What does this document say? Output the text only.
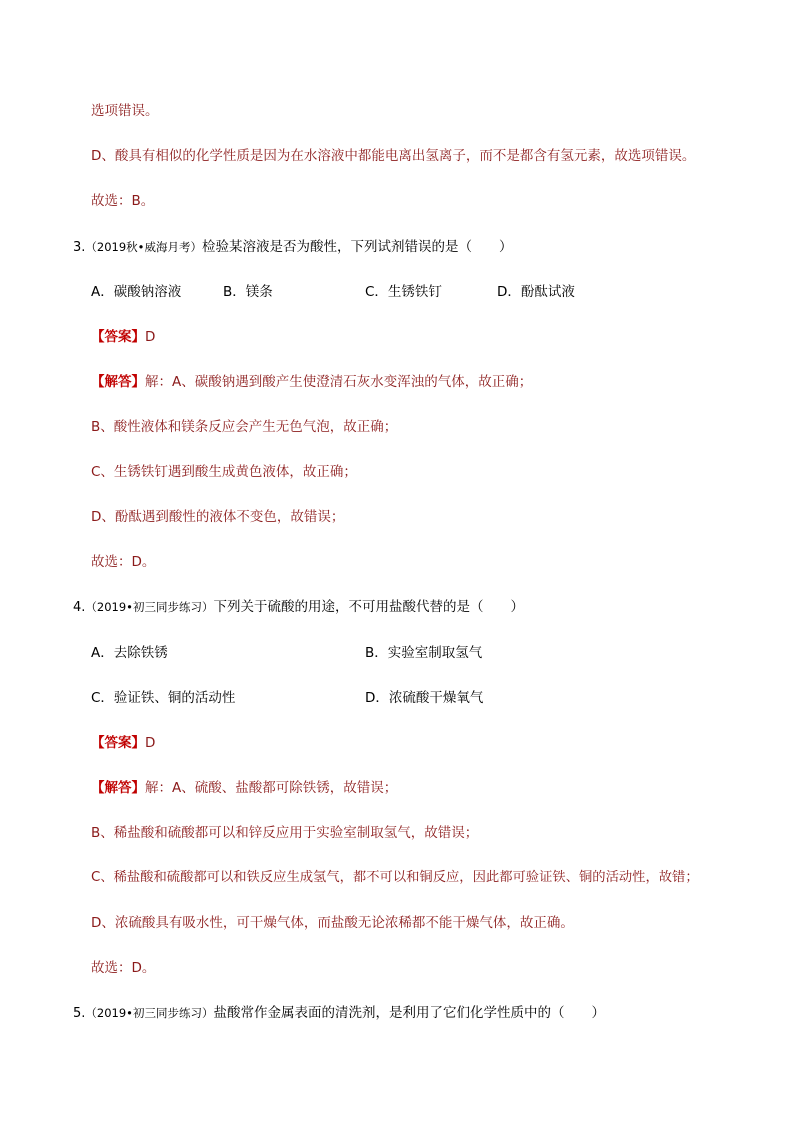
选项错误。
D、酸具有相似的化学性质是因为在水溶液中都能电离出氢离子，而不是都含有氢元素，故选项错误。
故选：B。
3.（2019秋•威海月考）检验某溶液是否为酸性，下列试剂错误的是（　　）
A．碳酸钠溶液	B．镁条	C．生锈铁钉	D．酚酞试液
【答案】D
【解答】解：A、碳酸钠遇到酸产生使澄清石灰水变浑浊的气体，故正确；
B、酸性液体和镁条反应会产生无色气泡，故正确；
C、生锈铁钉遇到酸生成黄色液体，故正确；
D、酚酞遇到酸性的液体不变色，故错误；
故选：D。
4.（2019•初三同步练习）下列关于硫酸的用途，不可用盐酸代替的是（　　）
A．去除铁锈	B．实验室制取氢气
C．验证铁、铜的活动性	D．浓硫酸干燥氧气
【答案】D
【解答】解：A、硫酸、盐酸都可除铁锈，故错误；
B、稀盐酸和硫酸都可以和锌反应用于实验室制取氢气，故错误；
C、稀盐酸和硫酸都可以和铁反应生成氢气，都不可以和铜反应，因此都可验证铁、铜的活动性，故错；
D、浓硫酸具有吸水性，可干燥气体，而盐酸无论浓稀都不能干燥气体，故正确。
故选：D。
5.（2019•初三同步练习）盐酸常作金属表面的清洗剂，是利用了它们化学性质中的（　　）
